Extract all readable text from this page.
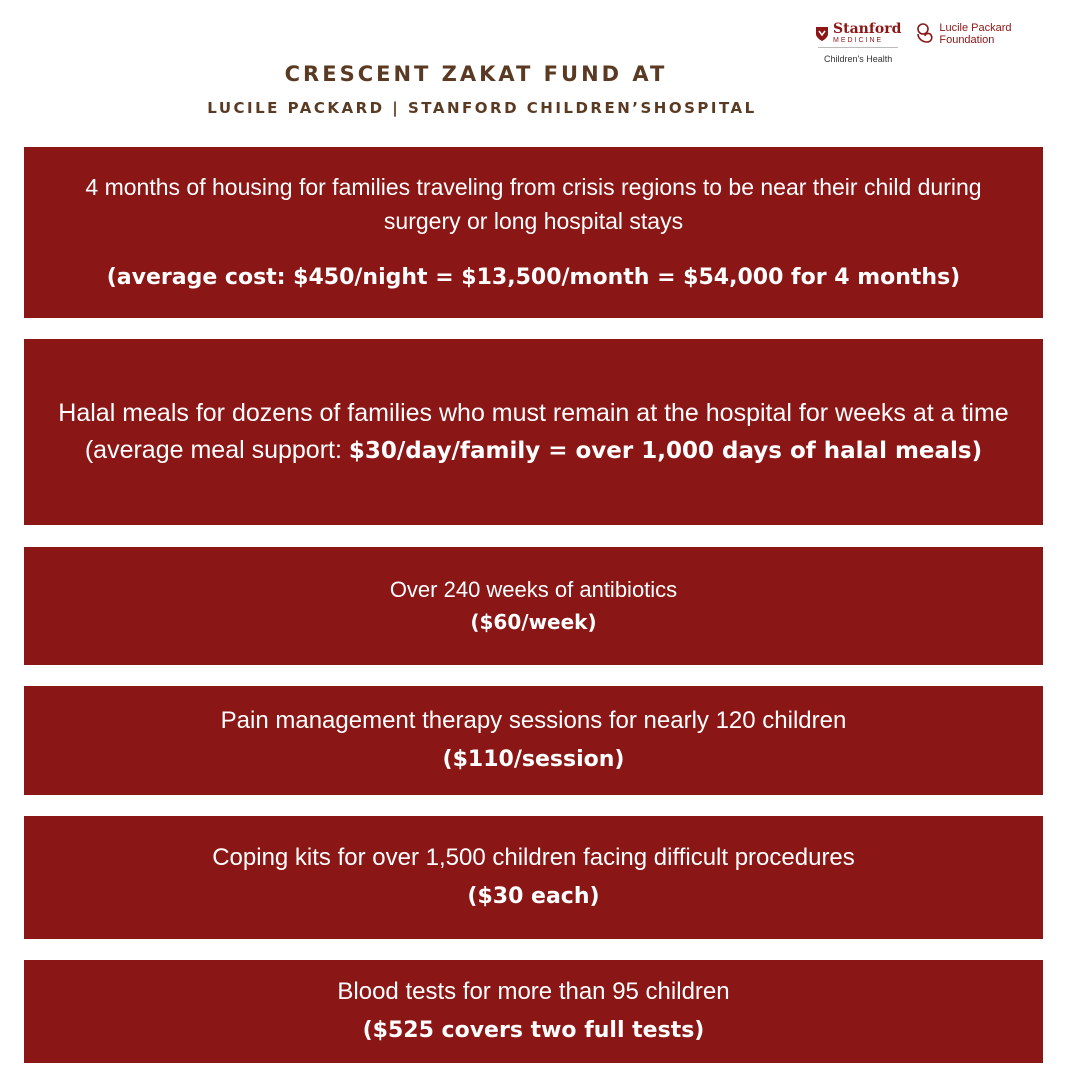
Stanford
MEDICINE
Children's Health
Lucile Packard
Foundation
CRESCENT ZAKAT FUND AT
LUCILE PACKARD | STANFORD CHILDREN’SHOSPITAL
4 months of housing for families traveling from crisis regions to be near their child during surgery or long hospital stays
(average cost: $450/night = $13,500/month = $54,000 for 4 months)
Halal meals for dozens of families who must remain at the hospital for weeks at a time
(average meal support: $30/day/family = over 1,000 days of halal meals)
Over 240 weeks of antibiotics
($60/week)
Pain management therapy sessions for nearly 120 children
($110/session)
Coping kits for over 1,500 children facing difficult procedures
($30 each)
Blood tests for more than 95 children
($525 covers two full tests)
